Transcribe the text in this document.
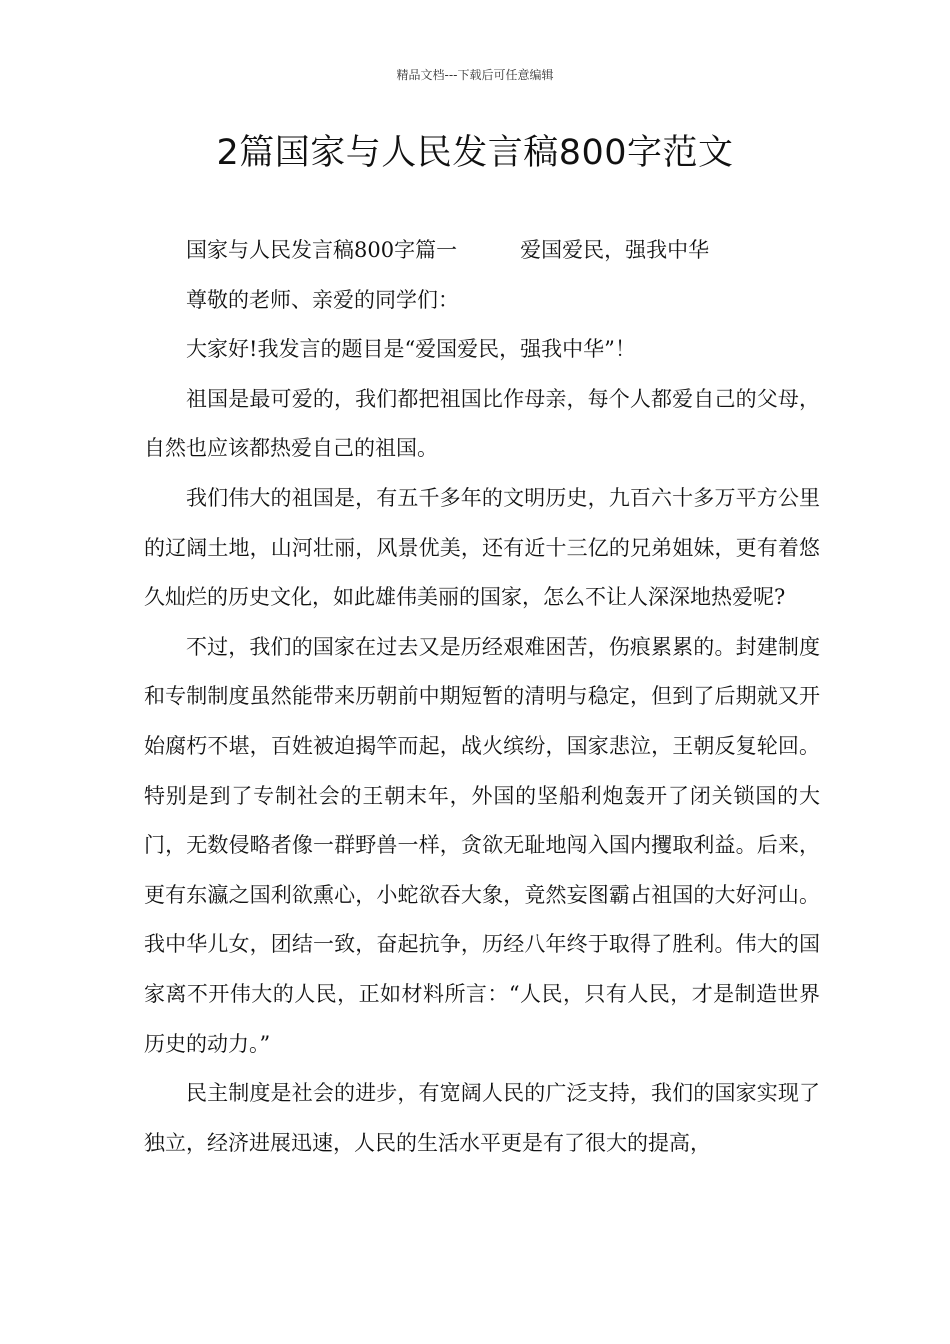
精品文档---下载后可任意编辑
2篇国家与人民发言稿800字范文

国家与人民发言稿800字篇一　　　爱国爱民，强我中华

尊敬的老师、亲爱的同学们：

大家好!我发言的题目是“爱国爱民，强我中华”！

祖国是最可爱的，我们都把祖国比作母亲，每个人都爱自己的父母，自然也应该都热爱自己的祖国。

我们伟大的祖国是，有五千多年的文明历史，九百六十多万平方公里的辽阔土地，山河壮丽，风景优美，还有近十三亿的兄弟姐妹，更有着悠久灿烂的历史文化，如此雄伟美丽的国家，怎么不让人深深地热爱呢?

不过，我们的国家在过去又是历经艰难困苦，伤痕累累的。封建制度和专制制度虽然能带来历朝前中期短暂的清明与稳定，但到了后期就又开始腐朽不堪，百姓被迫揭竿而起，战火缤纷，国家悲泣，王朝反复轮回。特别是到了专制社会的王朝末年，外国的坚船利炮轰开了闭关锁国的大门，无数侵略者像一群野兽一样，贪欲无耻地闯入国内攫取利益。后来，更有东瀛之国利欲熏心，小蛇欲吞大象，竟然妄图霸占祖国的大好河山。我中华儿女，团结一致，奋起抗争，历经八年终于取得了胜利。伟大的国家离不开伟大的人民，正如材料所言：“人民，只有人民，才是制造世界历史的动力。”

民主制度是社会的进步，有宽阔人民的广泛支持，我们的国家实现了独立，经济进展迅速，人民的生活水平更是有了很大的提高，
